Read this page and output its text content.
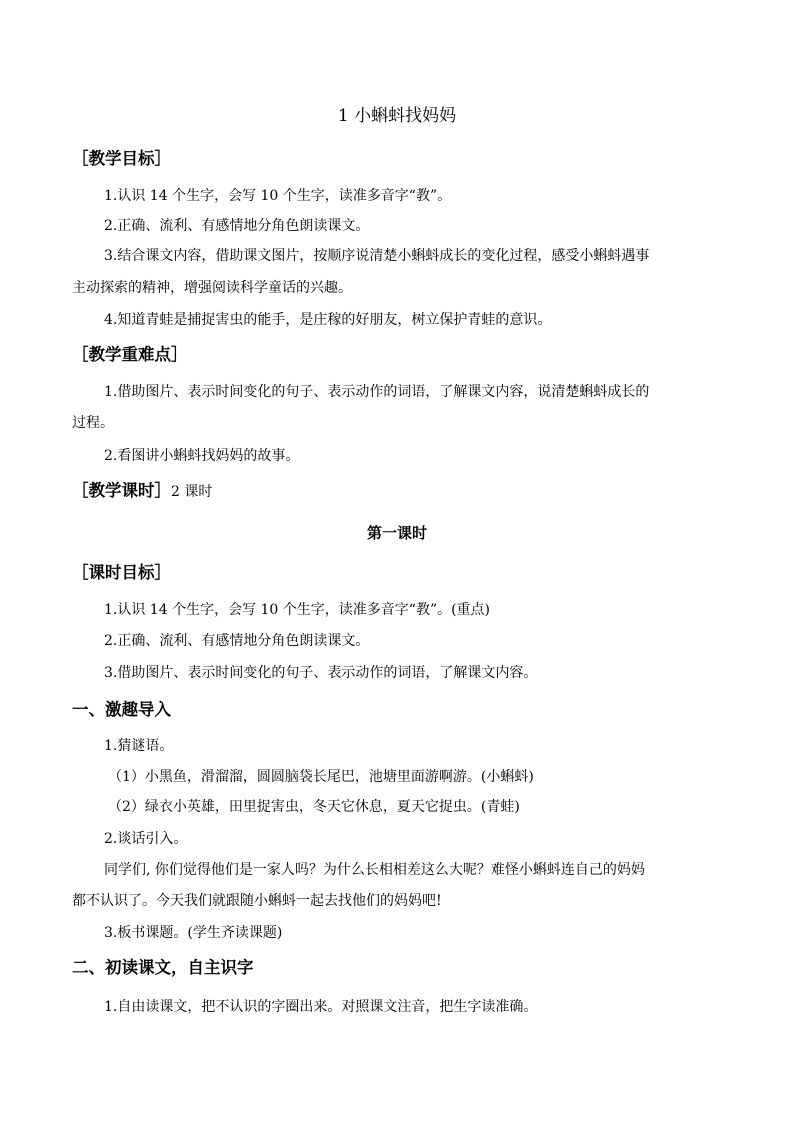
1 小蝌蚪找妈妈
［教学目标］
1.认识 14 个生字，会写 10 个生字，读准多音字“教”。
2.正确、流利、有感情地分角色朗读课文。
3.结合课文内容，借助课文图片，按顺序说清楚小蝌蚪成长的变化过程，感受小蝌蚪遇事
主动探索的精神，增强阅读科学童话的兴趣。
4.知道青蛙是捕捉害虫的能手，是庄稼的好朋友，树立保护青蛙的意识。
［教学重难点］
1.借助图片、表示时间变化的句子、表示动作的词语，了解课文内容，说清楚蝌蚪成长的
过程。
2.看图讲小蝌蚪找妈妈的故事。
［教学课时］2 课时
第一课时
［课时目标］
1.认识 14 个生字，会写 10 个生字，读准多音字“教”。(重点)
2.正确、流利、有感情地分角色朗读课文。
3.借助图片、表示时间变化的句子、表示动作的词语，了解课文内容。
一、激趣导入
1.猜谜语。
（1）小黑鱼，滑溜溜，圆圆脑袋长尾巴，池塘里面游啊游。(小蝌蚪)
（2）绿衣小英雄，田里捉害虫，冬天它休息，夏天它捉虫。(青蛙)
2.谈话引入。
同学们, 你们觉得他们是一家人吗？为什么长相相差这么大呢？难怪小蝌蚪连自己的妈妈
都不认识了。今天我们就跟随小蝌蚪一起去找他们的妈妈吧!
3.板书课题。(学生齐读课题)
二、初读课文，自主识字
1.自由读课文，把不认识的字圈出来。对照课文注音，把生字读准确。
